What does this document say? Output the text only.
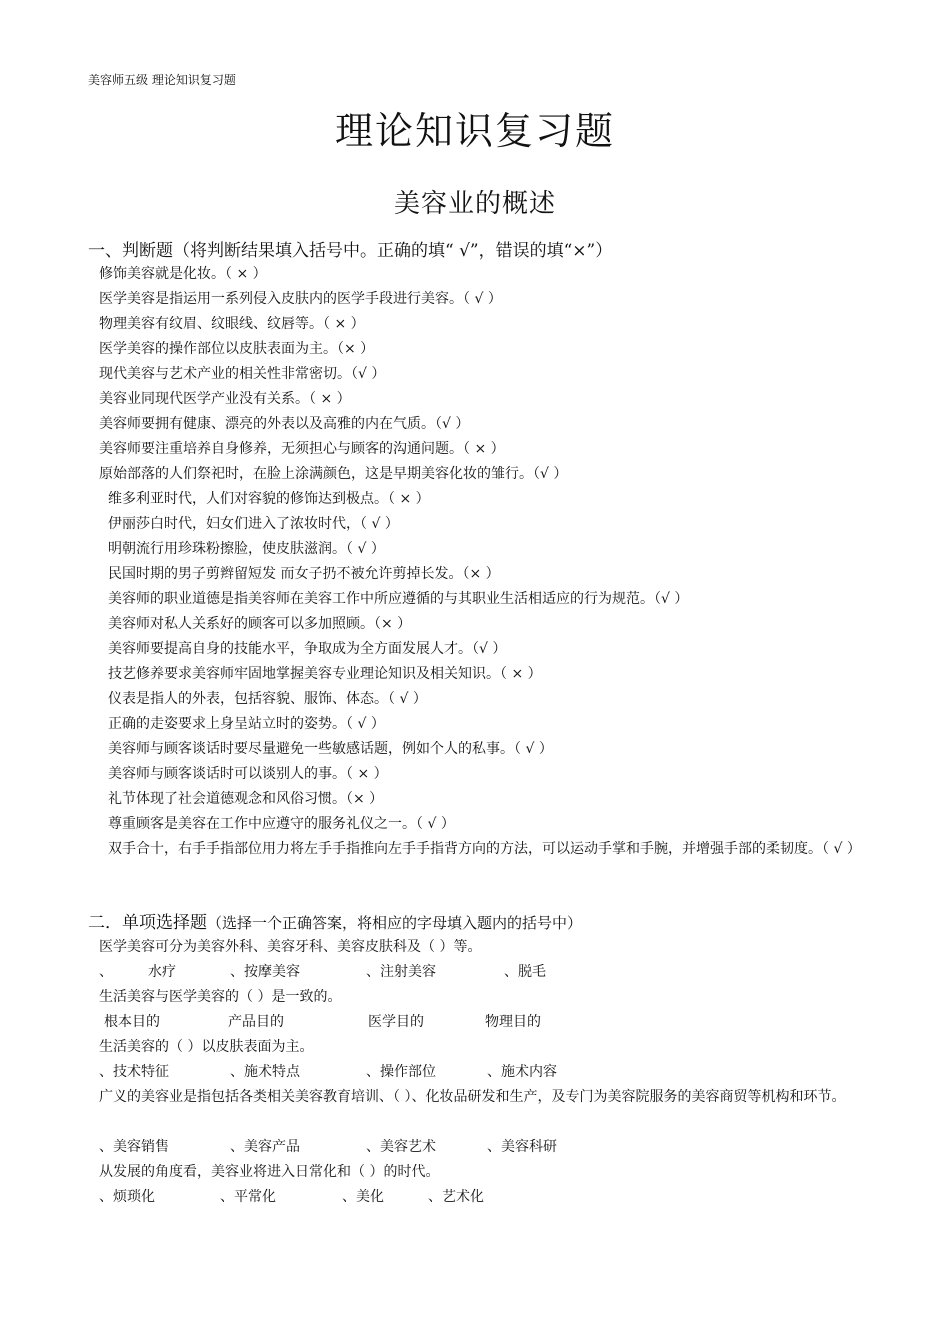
美容师五级 理论知识复习题
理论知识复习题
美容业的概述
一、判断题（将判断结果填入括号中。正确的填“ √”，错误的填“×”）
修饰美容就是化妆。（ × ）
医学美容是指运用一系列侵入皮肤内的医学手段进行美容。（ √ ）
物理美容有纹眉、纹眼线、纹唇等。（ × ）
医学美容的操作部位以皮肤表面为主。（× ）
现代美容与艺术产业的相关性非常密切。（√ ）
美容业同现代医学产业没有关系。（ × ）
美容师要拥有健康、漂亮的外表以及高雅的内在气质。（√ ）
美容师要注重培养自身修养，无须担心与顾客的沟通问题。（ × ）
原始部落的人们祭祀时，在脸上涂满颜色，这是早期美容化妆的雏行。（√ ）
维多利亚时代，人们对容貌的修饰达到极点。（ × ）
伊丽莎白时代，妇女们进入了浓妆时代，（ √ ）
明朝流行用珍珠粉擦脸，使皮肤滋润。（ √ ）
民国时期的男子剪辫留短发 而女子扔不被允许剪掉长发。（× ）
美容师的职业道德是指美容师在美容工作中所应遵循的与其职业生活相适应的行为规范。（√ ）
美容师对私人关系好的顾客可以多加照顾。（× ）
美容师要提高自身的技能水平，争取成为全方面发展人才。（√ ）
技艺修养要求美容师牢固地掌握美容专业理论知识及相关知识。（ × ）
仪表是指人的外表，包括容貌、服饰、体态。（ √ ）
正确的走姿要求上身呈站立时的姿势。（ √ ）
美容师与顾客谈话时要尽量避免一些敏感话题，例如个人的私事。（ √ ）
美容师与顾客谈话时可以谈别人的事。（ × ）
礼节体现了社会道德观念和风俗习惯。（× ）
尊重顾客是美容在工作中应遵守的服务礼仪之一。（ √ ）
双手合十，右手手指部位用力将左手手指推向左手手指背方向的方法，可以运动手掌和手腕，并增强手部的柔韧度。（ √ ）
二．单项选择题（选择一个正确答案，将相应的字母填入题内的括号中）
医学美容可分为美容外科、美容牙科、美容皮肤科及（ ）等。
、	水疗	、按摩美容	、注射美容	、脱毛
生活美容与医学美容的（ ）是一致的。
根本目的	产品目的	医学目的	物理目的
生活美容的（ ）以皮肤表面为主。
、技术特征	、施术特点	、操作部位	、施术内容
广义的美容业是指包括各类相关美容教育培训、（ ）、化妆品研发和生产，及专门为美容院服务的美容商贸等机构和环节。
、美容销售	、美容产品	、美容艺术	、美容科研
从发展的角度看，美容业将进入日常化和（ ）的时代。
、烦琐化	、平常化	、美化	、艺术化
